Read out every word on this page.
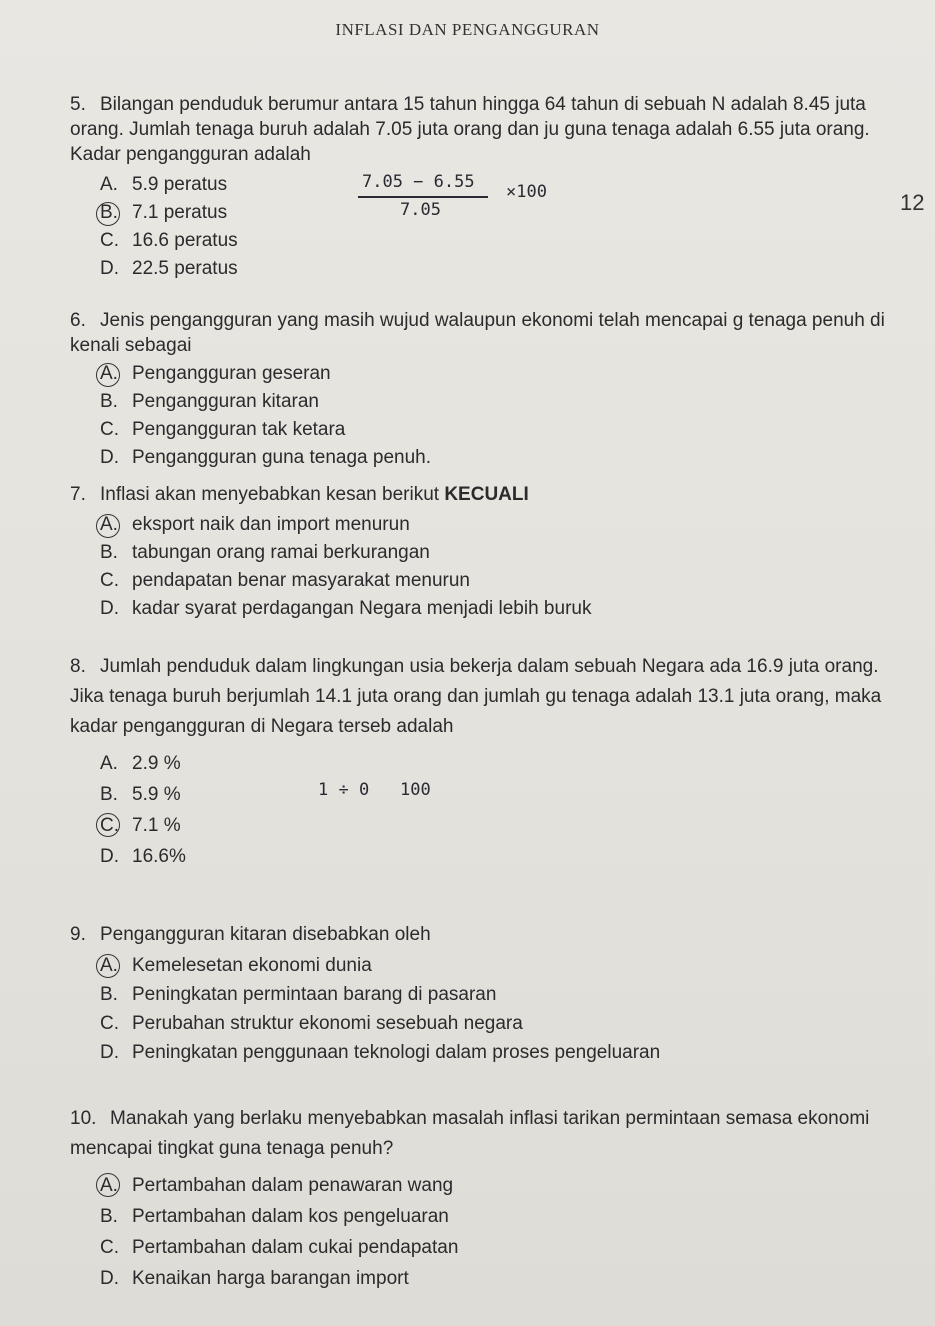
INFLASI DAN PENGANGGURAN
12

5. Bilangan penduduk berumur antara 15 tahun hingga 64 tahun di sebuah N adalah 8.45 juta orang. Jumlah tenaga buruh adalah 7.05 juta orang dan ju guna tenaga adalah 6.55 juta orang. Kadar pengangguran adalah

A. 5.9 peratus
B. 7.1 peratus
C. 16.6 peratus
D. 22.5 peratus
7.05 − 6.55
7.05
×100

6. Jenis pengangguran yang masih wujud walaupun ekonomi telah mencapai g tenaga penuh di kenali sebagai

A. Pengangguran geseran
B. Pengangguran kitaran
C. Pengangguran tak ketara
D. Pengangguran guna tenaga penuh.

7. Inflasi akan menyebabkan kesan berikut KECUALI

A. eksport naik dan import menurun
B. tabungan orang ramai berkurangan
C. pendapatan benar masyarakat menurun
D. kadar syarat perdagangan Negara menjadi lebih buruk

8. Jumlah penduduk dalam lingkungan usia bekerja dalam sebuah Negara ada 16.9 juta orang. Jika tenaga buruh berjumlah 14.1 juta orang dan jumlah gu tenaga adalah 13.1 juta orang, maka kadar pengangguran di Negara terseb adalah

A. 2.9 %
B. 5.9 %
C. 7.1 %
D. 16.6%
1 ÷ 0 100

9. Pengangguran kitaran disebabkan oleh

A. Kemelesetan ekonomi dunia
B. Peningkatan permintaan barang di pasaran
C. Perubahan struktur ekonomi sesebuah negara
D. Peningkatan penggunaan teknologi dalam proses pengeluaran

10. Manakah yang berlaku menyebabkan masalah inflasi tarikan permintaan semasa ekonomi mencapai tingkat guna tenaga penuh?

A. Pertambahan dalam penawaran wang
B. Pertambahan dalam kos pengeluaran
C. Pertambahan dalam cukai pendapatan
D. Kenaikan harga barangan import
